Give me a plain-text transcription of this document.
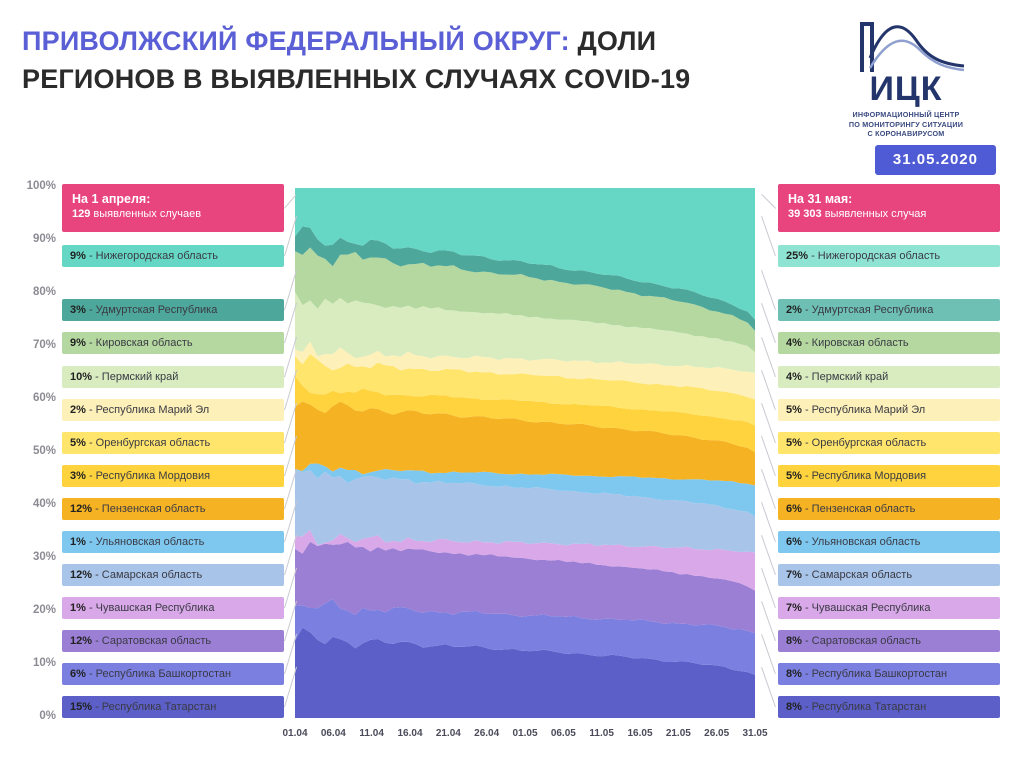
ПРИВОЛЖСКИЙ ФЕДЕРАЛЬНЫЙ ОКРУГ: ДОЛИ
РЕГИОНОВ В ВЫЯВЛЕННЫХ СЛУЧАЯХ COVID-19	ИЦК
ИНФОРМАЦИОННЫЙ ЦЕНТР
ПО МОНИТОРИНГУ СИТУАЦИИ
С КОРОНАВИРУСОМ
31.05.2020
0%
10%
20%
30%
40%
50%
60%
70%
80%
90%
100%
01.04	06.04	11.04	16.04	21.04	26.04	01.05	06.05	11.05	16.05	21.05	26.05	31.05
На 1 апреля:
129 выявленных случаев
На 31 мая:
39 303 выявленных случая
9% - Нижегородская область
3% - Удмуртская Республика
9% - Кировская область
10% - Пермский край
2% - Республика Марий Эл
5% - Оренбургская область
3% - Республика Мордовия
12% - Пензенская область
1% - Ульяновская область
12% - Самарская область
1% - Чувашская Республика
12% - Саратовская область
6% - Республика Башкортостан
15% - Республика Татарстан
25% - Нижегородская область
2% - Удмуртская Республика
4% - Кировская область
4% - Пермский край
5% - Республика Марий Эл
5% - Оренбургская область
5% - Республика Мордовия
6% - Пензенская область
6% - Ульяновская область
7% - Самарская область
7% - Чувашская Республика
8% - Саратовская область
8% - Республика Башкортостан
8% - Республика Татарстан
